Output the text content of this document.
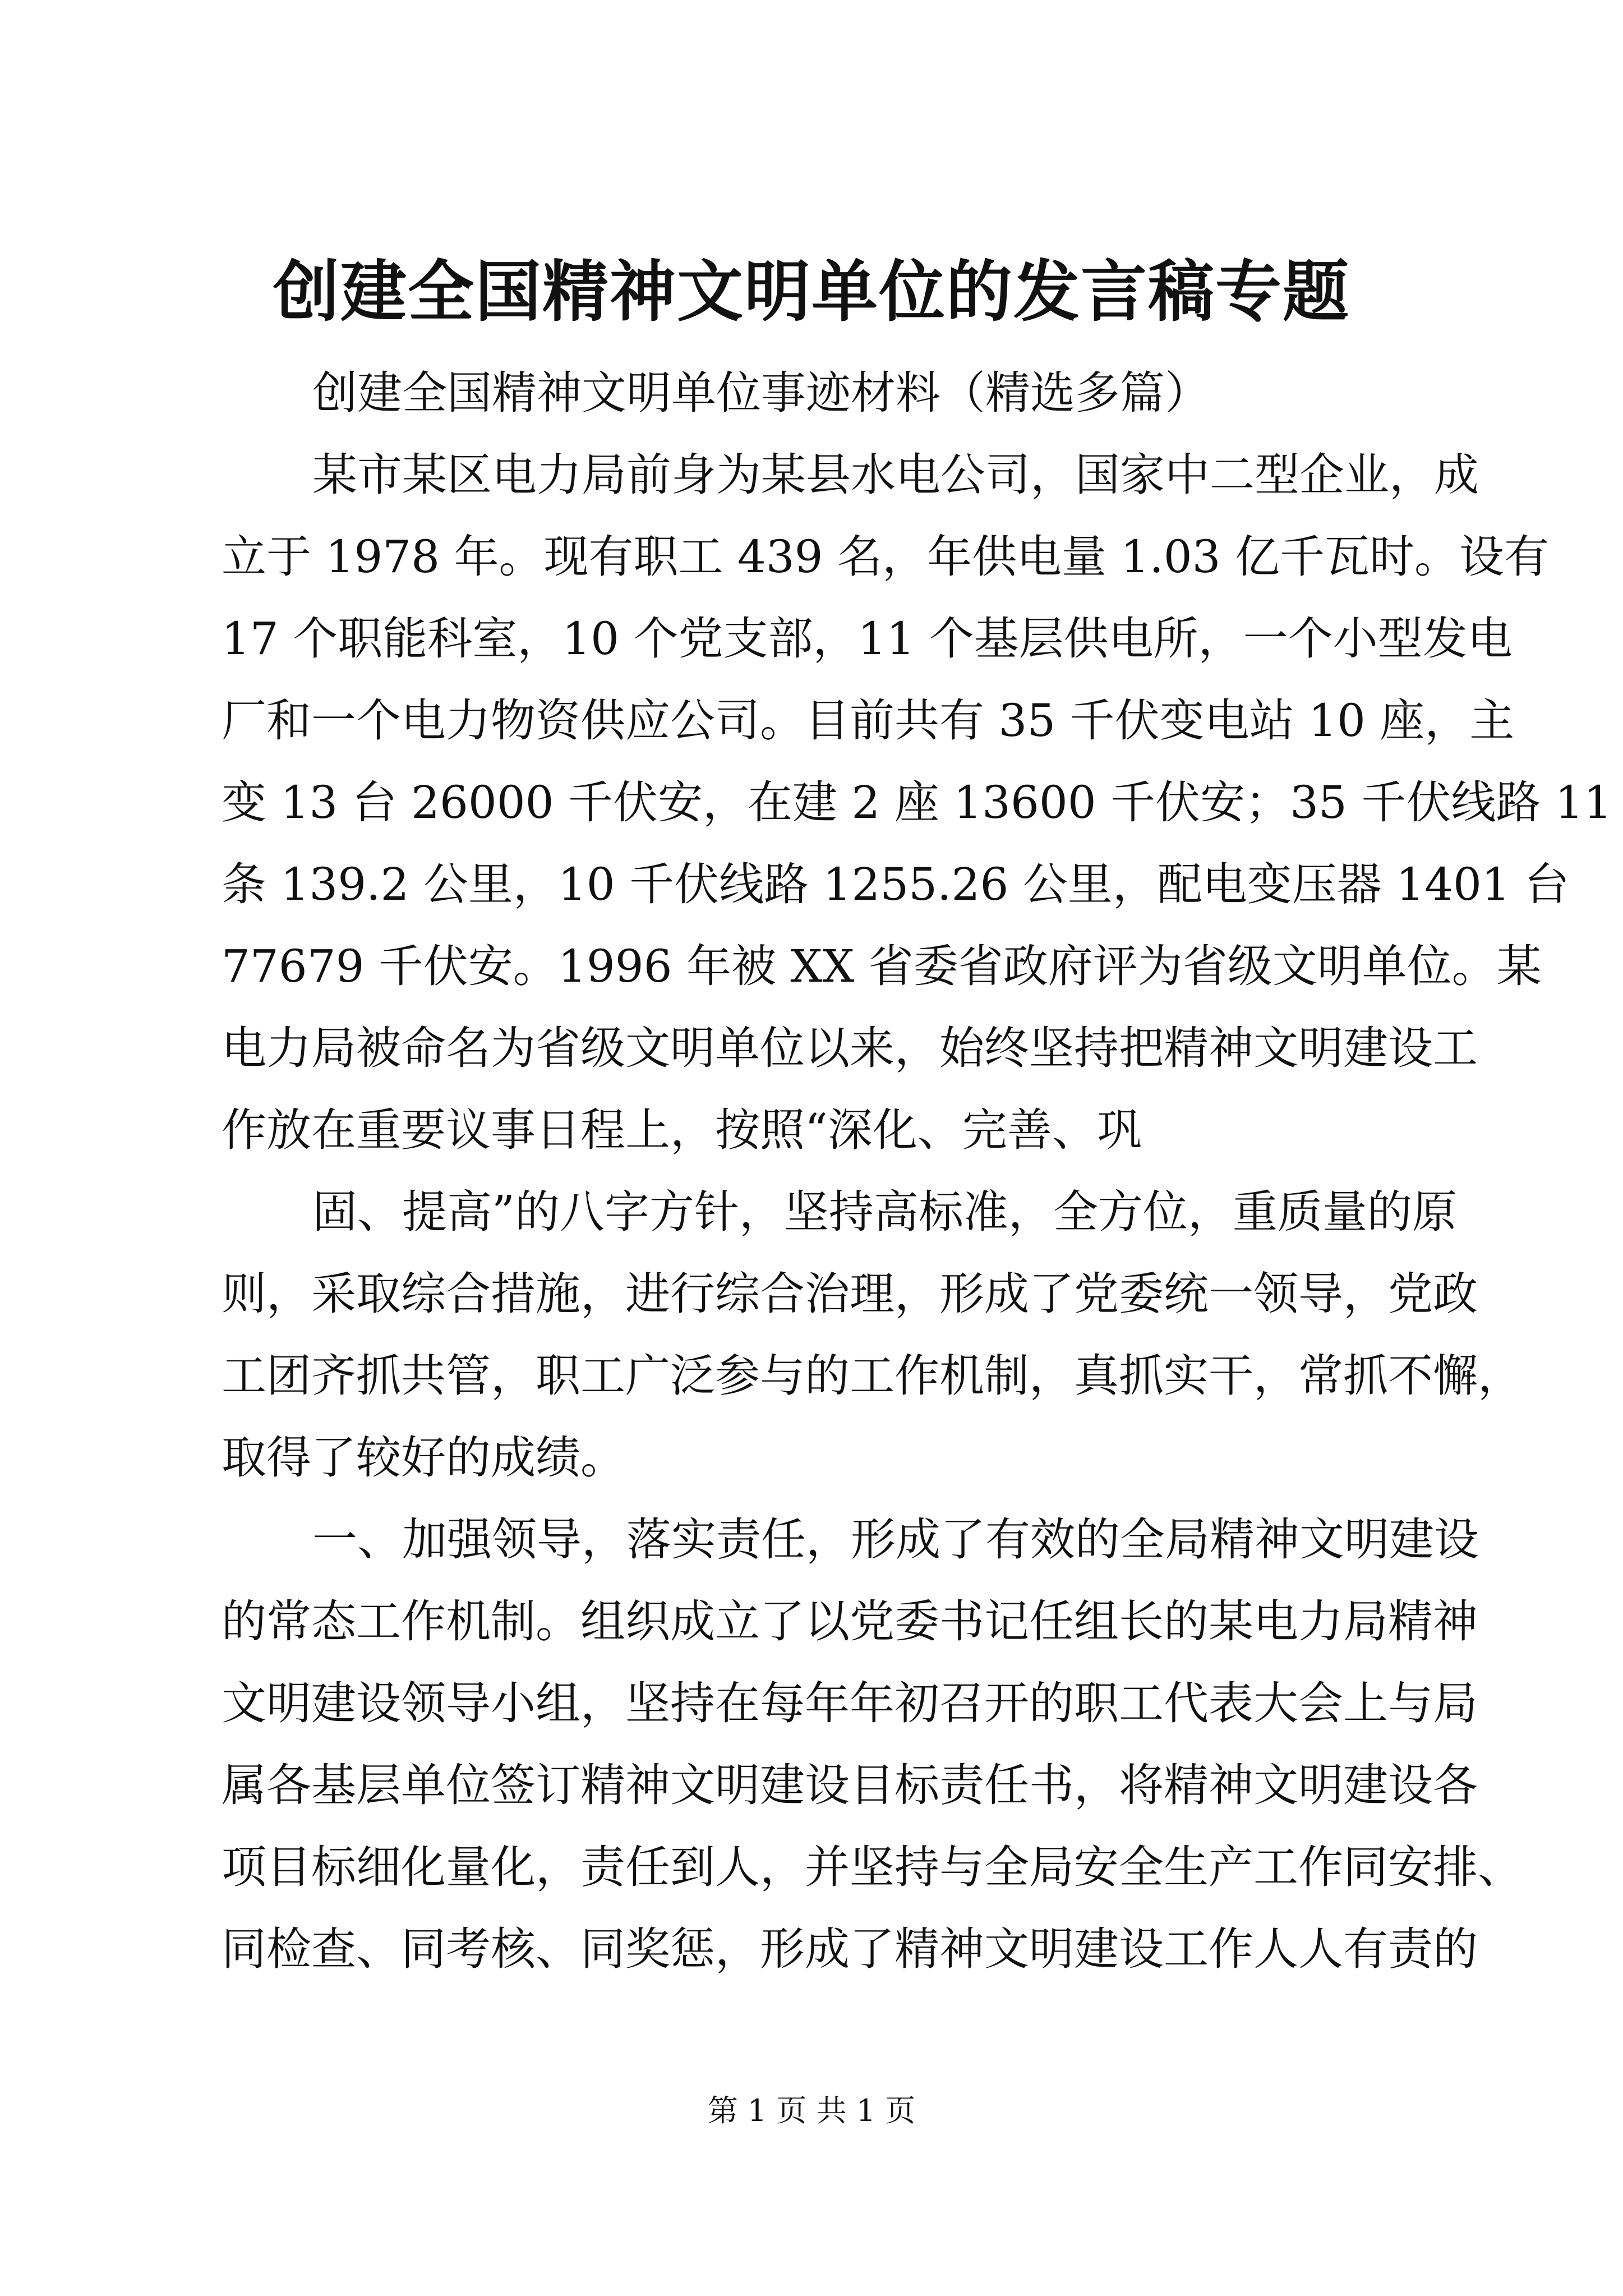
创建全国精神文明单位的发言稿专题
创建全国精神文明单位事迹材料（精选多篇）
某市某区电力局前身为某县水电公司，国家中二型企业，成
立于 1978 年。现有职工 439 名，年供电量 1.03 亿千瓦时。设有
17 个职能科室，10 个党支部，11 个基层供电所，一个小型发电
厂和一个电力物资供应公司。目前共有 35 千伏变电站 10 座，主
变 13 台 26000 千伏安，在建 2 座 13600 千伏安；35 千伏线路 11
条 139.2 公里，10 千伏线路 1255.26 公里，配电变压器 1401 台
77679 千伏安。1996 年被 XX 省委省政府评为省级文明单位。某
电力局被命名为省级文明单位以来，始终坚持把精神文明建设工
作放在重要议事日程上，按照“深化、完善、巩
固、提高”的八字方针，坚持高标准，全方位，重质量的原
则，采取综合措施，进行综合治理，形成了党委统一领导，党政
工团齐抓共管，职工广泛参与的工作机制，真抓实干，常抓不懈，
取得了较好的成绩。
一、加强领导，落实责任，形成了有效的全局精神文明建设
的常态工作机制。组织成立了以党委书记任组长的某电力局精神
文明建设领导小组，坚持在每年年初召开的职工代表大会上与局
属各基层单位签订精神文明建设目标责任书，将精神文明建设各
项目标细化量化，责任到人，并坚持与全局安全生产工作同安排、
同检查、同考核、同奖惩，形成了精神文明建设工作人人有责的
第 1 页 共 1 页
